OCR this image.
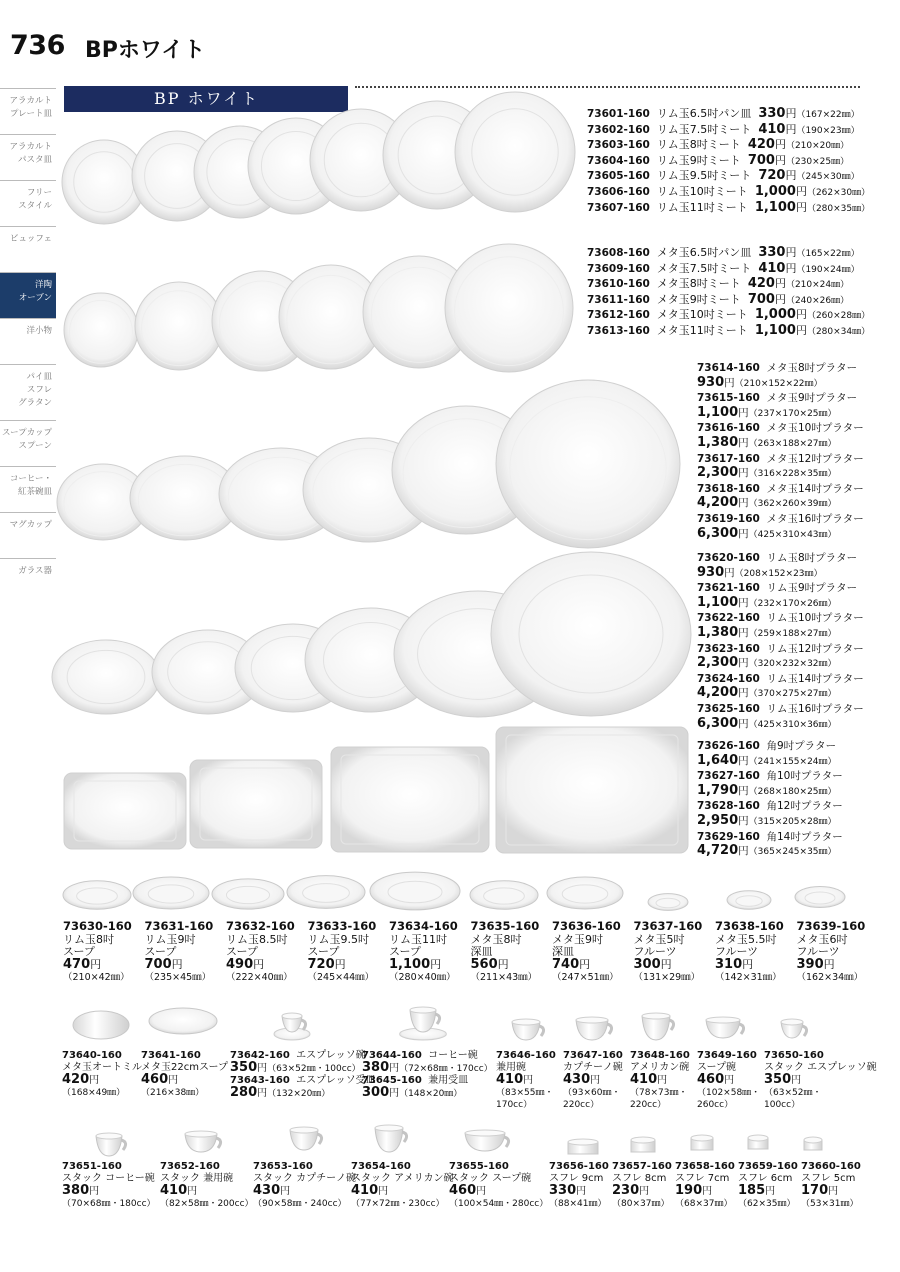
736 BPホワイト
BP ホワイト
アラカルト
プレート皿
アラカルト
パスタ皿
フリー
スタイル
ビュッフェ
洋陶
オーブン
洋小物
パイ皿
スフレ
グラタン
スープカップ
スプーン
コーヒー・
紅茶碗皿
マグカップ
ガラス器
73601-160 リム玉6.5吋パン皿 330円（167×22㎜）
73602-160 リム玉7.5吋ミート 410円（190×23㎜）
73603-160 リム玉8吋ミート 420円（210×20㎜）
73604-160 リム玉9吋ミート 700円（230×25㎜）
73605-160 リム玉9.5吋ミート 720円（245×30㎜）
73606-160 リム玉10吋ミート 1,000円（262×30㎜）
73607-160 リム玉11吋ミート 1,100円（280×35㎜）
73608-160 メタ玉6.5吋パン皿 330円（165×22㎜）
73609-160 メタ玉7.5吋ミート 410円（190×24㎜）
73610-160 メタ玉8吋ミート 420円（210×24㎜）
73611-160 メタ玉9吋ミート 700円（240×26㎜）
73612-160 メタ玉10吋ミート 1,000円（260×28㎜）
73613-160 メタ玉11吋ミート 1,100円（280×34㎜）
73614-160 メタ玉8吋プラター
930円（210×152×22㎜）
73615-160 メタ玉9吋プラター
1,100円（237×170×25㎜）
73616-160 メタ玉10吋プラター
1,380円（263×188×27㎜）
73617-160 メタ玉12吋プラター
2,300円（316×228×35㎜）
73618-160 メタ玉14吋プラター
4,200円（362×260×39㎜）
73619-160 メタ玉16吋プラター
6,300円（425×310×43㎜）
73620-160 リム玉8吋プラター
930円（208×152×23㎜）
73621-160 リム玉9吋プラター
1,100円（232×170×26㎜）
73622-160 リム玉10吋プラター
1,380円（259×188×27㎜）
73623-160 リム玉12吋プラター
2,300円（320×232×32㎜）
73624-160 リム玉14吋プラター
4,200円（370×275×27㎜）
73625-160 リム玉16吋プラター
6,300円（425×310×36㎜）
73626-160 角9吋プラター
1,640円（241×155×24㎜）
73627-160 角10吋プラター
1,790円（268×180×25㎜）
73628-160 角12吋プラター
2,950円（315×205×28㎜）
73629-160 角14吋プラター
4,720円（365×245×35㎜）
73630-160
リム玉8吋
スープ
470円
（210×42㎜）
73631-160
リム玉9吋
スープ
700円
（235×45㎜）
73632-160
リム玉8.5吋
スープ
490円
（222×40㎜）
73633-160
リム玉9.5吋
スープ
720円
（245×44㎜）
73634-160
リム玉11吋
スープ
1,100円
（280×40㎜）
73635-160
メタ玉8吋
深皿
560円
（211×43㎜）
73636-160
メタ玉9吋
深皿
740円
（247×51㎜）
73637-160
メタ玉5吋
フルーツ
300円
（131×29㎜）
73638-160
メタ玉5.5吋
フルーツ
310円
（142×31㎜）
73639-160
メタ玉6吋
フルーツ
390円
（162×34㎜）
73640-160
メタ玉オートミル
420円
（168×49㎜）
73641-160
メタ玉22cmスープ
460円
（216×38㎜）
73642-160  エスプレッソ碗
350円（63×52㎜・100cc）
73643-160  エスプレッソ受皿
280円（132×20㎜）
73644-160  コーヒー碗
380円（72×68㎜・170cc）
73645-160  兼用受皿
300円（148×20㎜）
73646-160
兼用碗
410円
（83×55㎜・
170cc）
73647-160
カプチーノ碗
430円
（93×60㎜・
220cc）
73648-160
アメリカン碗
410円
（78×73㎜・
220cc）
73649-160
スープ碗
460円
（102×58㎜・
260cc）
73650-160
スタック エスプレッソ碗
350円
（63×52㎜・
100cc）
73651-160
スタック コーヒー碗
380円
（70×68㎜・180cc）
73652-160
スタック 兼用碗
410円
（82×58㎜・200cc）
73653-160
スタック カプチーノ碗
430円
（90×58㎜・240cc）
73654-160
スタック アメリカン碗
410円
（77×72㎜・230cc）
73655-160
スタック スープ碗
460円
（100×54㎜・280cc）
73656-160
スフレ 9cm
330円
（88×41㎜）
73657-160
スフレ 8cm
230円
（80×37㎜）
73658-160
スフレ 7cm
190円
（68×37㎜）
73659-160
スフレ 6cm
185円
（62×35㎜）
73660-160
スフレ 5cm
170円
（53×31㎜）
